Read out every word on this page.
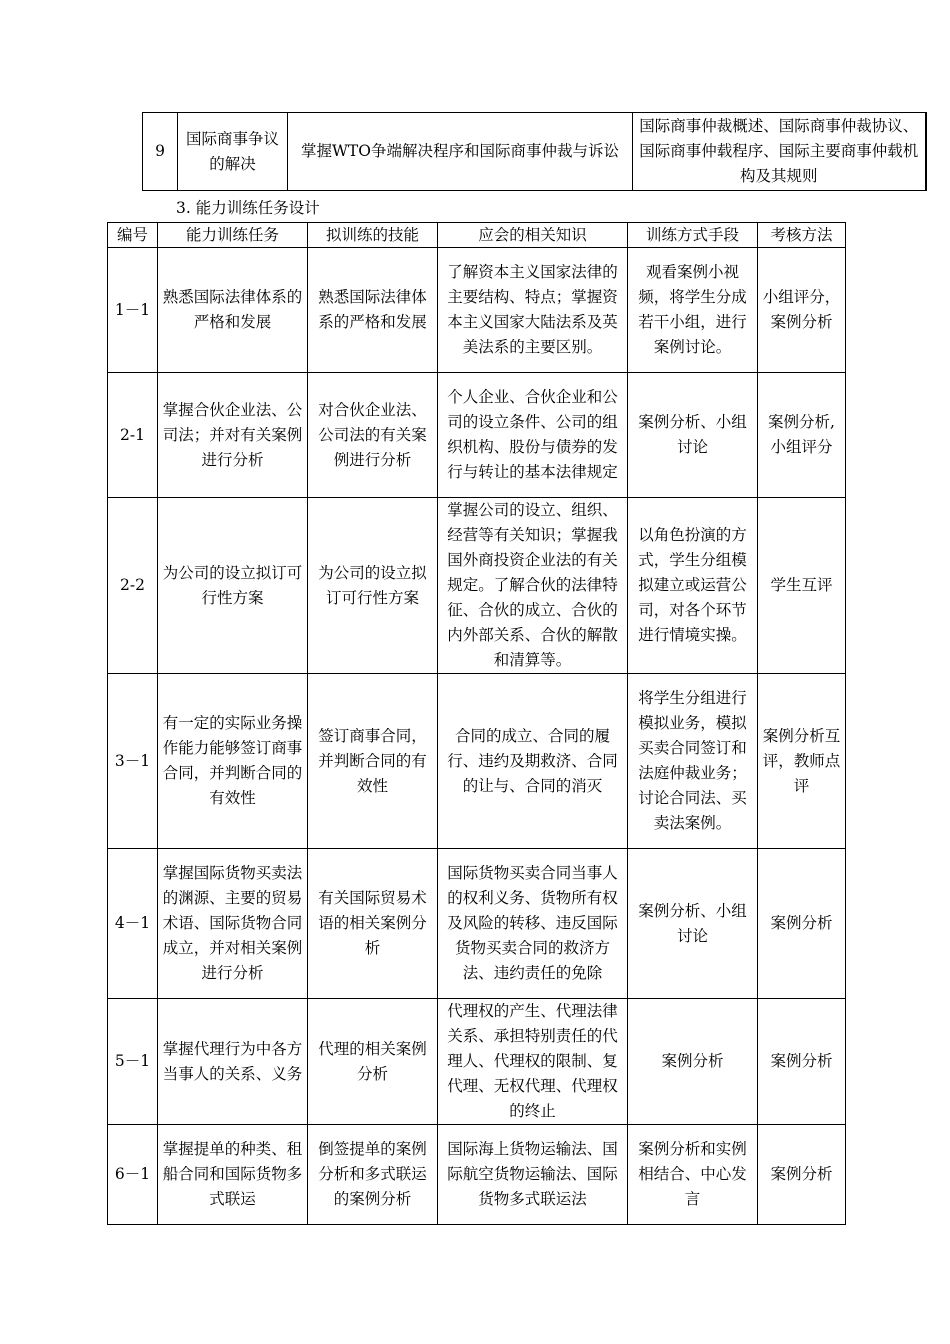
9	国际商事争议的解决	掌握WTO争端解决程序和国际商事仲裁与诉讼	国际商事仲裁概述、国际商事仲裁协议、国际商事仲载程序、国际主要商事仲载机构及其规则
3. 能力训练任务设计
编号	能力训练任务	拟训练的技能	应会的相关知识	训练方式手段	考核方法
1－1	熟悉国际法律体系的严格和发展	熟悉国际法律体系的严格和发展	了解资本主义国家法律的主要结构、特点；掌握资本主义国家大陆法系及英美法系的主要区别。	观看案例小视频，将学生分成若干小组，进行案例讨论。	小组评分，案例分析
2-1	掌握合伙企业法、公司法；并对有关案例进行分析	对合伙企业法、公司法的有关案例进行分析	个人企业、合伙企业和公司的设立条件、公司的组织机构、股份与债券的发行与转让的基本法律规定	案例分析、小组讨论	案例分析,小组评分
2-2	为公司的设立拟订可行性方案	为公司的设立拟订可行性方案	掌握公司的设立、组织、经营等有关知识；掌握我国外商投资企业法的有关规定。了解合伙的法律特征、合伙的成立、合伙的内外部关系、合伙的解散和清算等。	以角色扮演的方式，学生分组模拟建立或运营公司，对各个环节进行情境实操。	学生互评
3－1	有一定的实际业务操作能力能够签订商事合同，并判断合同的有效性	签订商事合同，并判断合同的有效性	合同的成立、合同的履行、违约及期救济、合同的让与、合同的消灭	将学生分组进行模拟业务，模拟买卖合同签订和法庭仲裁业务；讨论合同法、买卖法案例。	案例分析互评，教师点评
4－1	掌握国际货物买卖法的渊源、主要的贸易术语、国际货物合同成立，并对相关案例进行分析	有关国际贸易术语的相关案例分析	国际货物买卖合同当事人的权利义务、货物所有权及风险的转移、违反国际货物买卖合同的救济方法、违约责任的免除	案例分析、小组讨论	案例分析
5－1	掌握代理行为中各方当事人的关系、义务	代理的相关案例分析	代理权的产生、代理法律关系、承担特别责任的代理人、代理权的限制、复代理、无权代理、代理权的终止	案例分析	案例分析
6－1	掌握提单的种类、租船合同和国际货物多式联运	倒签提单的案例分析和多式联运的案例分析	国际海上货物运输法、国际航空货物运输法、国际货物多式联运法	案例分析和实例相结合、中心发言	案例分析
